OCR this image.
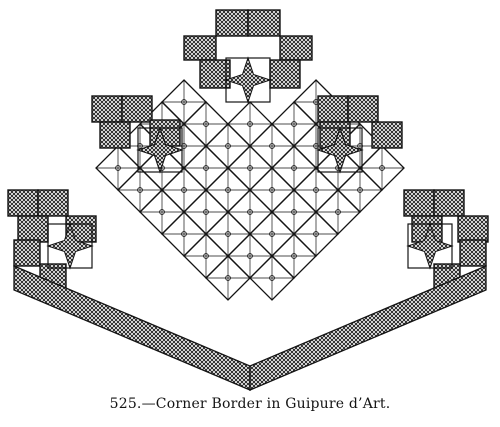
525.—Corner Border in Guipure d’Art.
